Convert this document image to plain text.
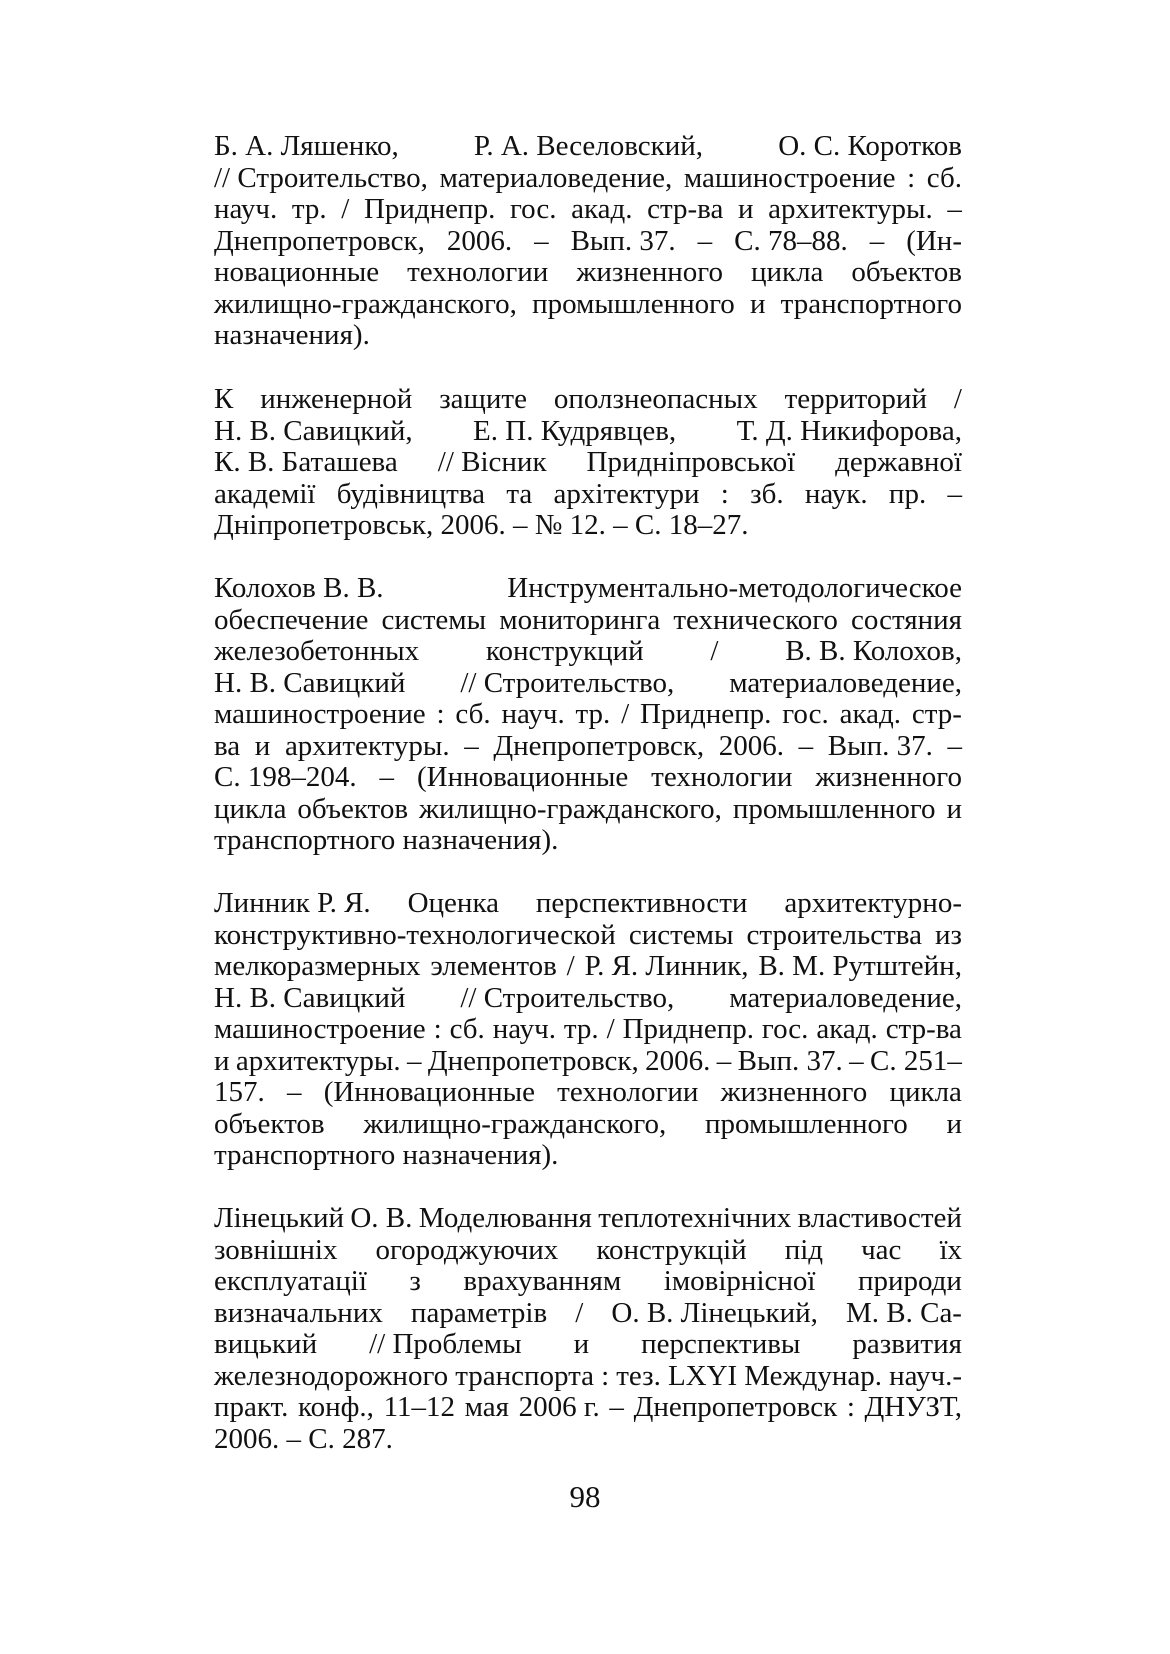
Б. А. Ляшенко,	Р. А. Веселовский,	О. С. Коротков
// Строительство, материаловедение, машиностроение : сб.
науч. тр. / Приднепр. гос. акад. стр-ва и архитектуры. –
Днепропетровск, 2006. – Вып. 37. – С. 78–88. – (Ин-
новационные технологии жизненного цикла объектов
жилищно-гражданского, промышленного и транспортного
назначения).
К инженерной защите оползнеопасных территорий /
Н. В. Савицкий, Е. П. Кудрявцев, Т. Д. Никифорова,
К. В. Баташева // Вісник Придніпровської державної
академії будівництва та архітектури : зб. наук. пр. –
Дніпропетровськ, 2006. – № 12. – С. 18–27.
Колохов В. В.	Инструментально-методологическое
обеспечение системы мониторинга технического состяния
железобетонных конструкций / В. В. Колохов,
Н. В. Савицкий // Строительство, материаловедение,
машиностроение : сб. науч. тр. / Приднепр. гос. акад. стр-
ва и архитектуры. – Днепропетровск, 2006. – Вып. 37. –
С. 198–204. – (Инновационные технологии жизненного
цикла объектов жилищно-гражданского, промышленного и
транспортного назначения).
Линник Р. Я. Оценка перспективности архитектурно-
конструктивно-технологической системы строительства из
мелкоразмерных элементов / Р. Я. Линник, В. М. Рутштейн,
Н. В. Савицкий // Строительство, материаловедение,
машиностроение : сб. науч. тр. / Приднепр. гос. акад. стр-ва
и архитектуры. – Днепропетровск, 2006. – Вып. 37. – С. 251–
157. – (Инновационные технологии жизненного цикла
объектов жилищно-гражданского, промышленного и
транспортного назначения).
Лінецький О. В. Моделювання теплотехнічних властивостей
зовнішніх огороджуючих конструкцій під час їх
експлуатації з врахуванням імовірнісної природи
визначальних параметрів / О. В. Лінецький, М. В. Са-
вицький // Проблемы и перспективы развития
железнодорожного транспорта : тез. LXYI Междунар. науч.-
практ. конф., 11–12 мая 2006 г. – Днепропетровск : ДНУЗТ,
2006. – С. 287.
98
